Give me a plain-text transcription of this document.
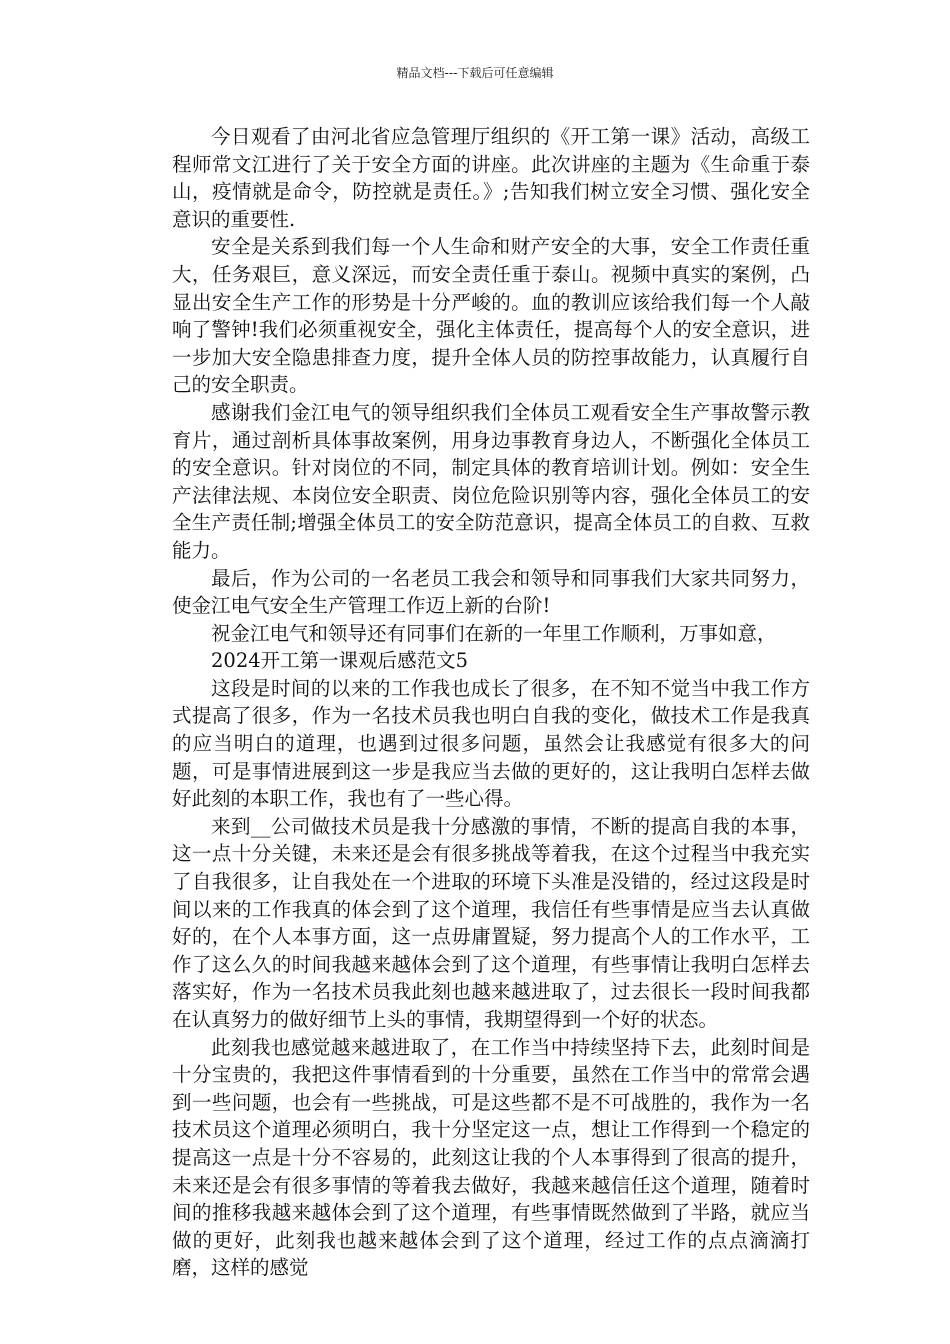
精品文档---下载后可任意编辑

今日观看了由河北省应急管理厅组织的《开工第一课》活动，高级工程师常文江进行了关于安全方面的讲座。此次讲座的主题为《生命重于泰山，疫情就是命令，防控就是责任。》;告知我们树立安全习惯、强化安全意识的重要性.

安全是关系到我们每一个人生命和财产安全的大事，安全工作责任重大，任务艰巨，意义深远，而安全责任重于泰山。视频中真实的案例，凸显出安全生产工作的形势是十分严峻的。血的教训应该给我们每一个人敲响了警钟!我们必须重视安全，强化主体责任，提高每个人的安全意识，进一步加大安全隐患排查力度，提升全体人员的防控事故能力，认真履行自己的安全职责。

感谢我们金江电气的领导组织我们全体员工观看安全生产事故警示教育片，通过剖析具体事故案例，用身边事教育身边人，不断强化全体员工的安全意识。针对岗位的不同，制定具体的教育培训计划。例如：安全生产法律法规、本岗位安全职责、岗位危险识别等内容，强化全体员工的安全生产责任制;增强全体员工的安全防范意识，提高全体员工的自救、互救能力。

最后，作为公司的一名老员工我会和领导和同事我们大家共同努力，使金江电气安全生产管理工作迈上新的台阶!

祝金江电气和领导还有同事们在新的一年里工作顺利，万事如意，

2024开工第一课观后感范文5

这段是时间的以来的工作我也成长了很多，在不知不觉当中我工作方式提高了很多，作为一名技术员我也明白自我的变化，做技术工作是我真的应当明白的道理，也遇到过很多问题，虽然会让我感觉有很多大的问题，可是事情进展到这一步是我应当去做的更好的，这让我明白怎样去做好此刻的本职工作，我也有了一些心得。

来到__公司做技术员是我十分感激的事情，不断的提高自我的本事，这一点十分关键，未来还是会有很多挑战等着我，在这个过程当中我充实了自我很多，让自我处在一个进取的环境下头准是没错的，经过这段是时间以来的工作我真的体会到了这个道理，我信任有些事情是应当去认真做好的，在个人本事方面，这一点毋庸置疑，努力提高个人的工作水平，工作了这么久的时间我越来越体会到了这个道理，有些事情让我明白怎样去落实好，作为一名技术员我此刻也越来越进取了，过去很长一段时间我都在认真努力的做好细节上头的事情，我期望得到一个好的状态。

此刻我也感觉越来越进取了，在工作当中持续坚持下去，此刻时间是十分宝贵的，我把这件事情看到的十分重要，虽然在工作当中的常常会遇到一些问题，也会有一些挑战，可是这些都不是不可战胜的，我作为一名技术员这个道理必须明白，我十分坚定这一点，想让工作得到一个稳定的提高这一点是十分不容易的，此刻这让我的个人本事得到了很高的提升，未来还是会有很多事情的等着我去做好，我越来越信任这个道理，随着时间的推移我越来越体会到了这个道理，有些事情既然做到了半路，就应当做的更好，此刻我也越来越体会到了这个道理，经过工作的点点滴滴打磨，这样的感觉
